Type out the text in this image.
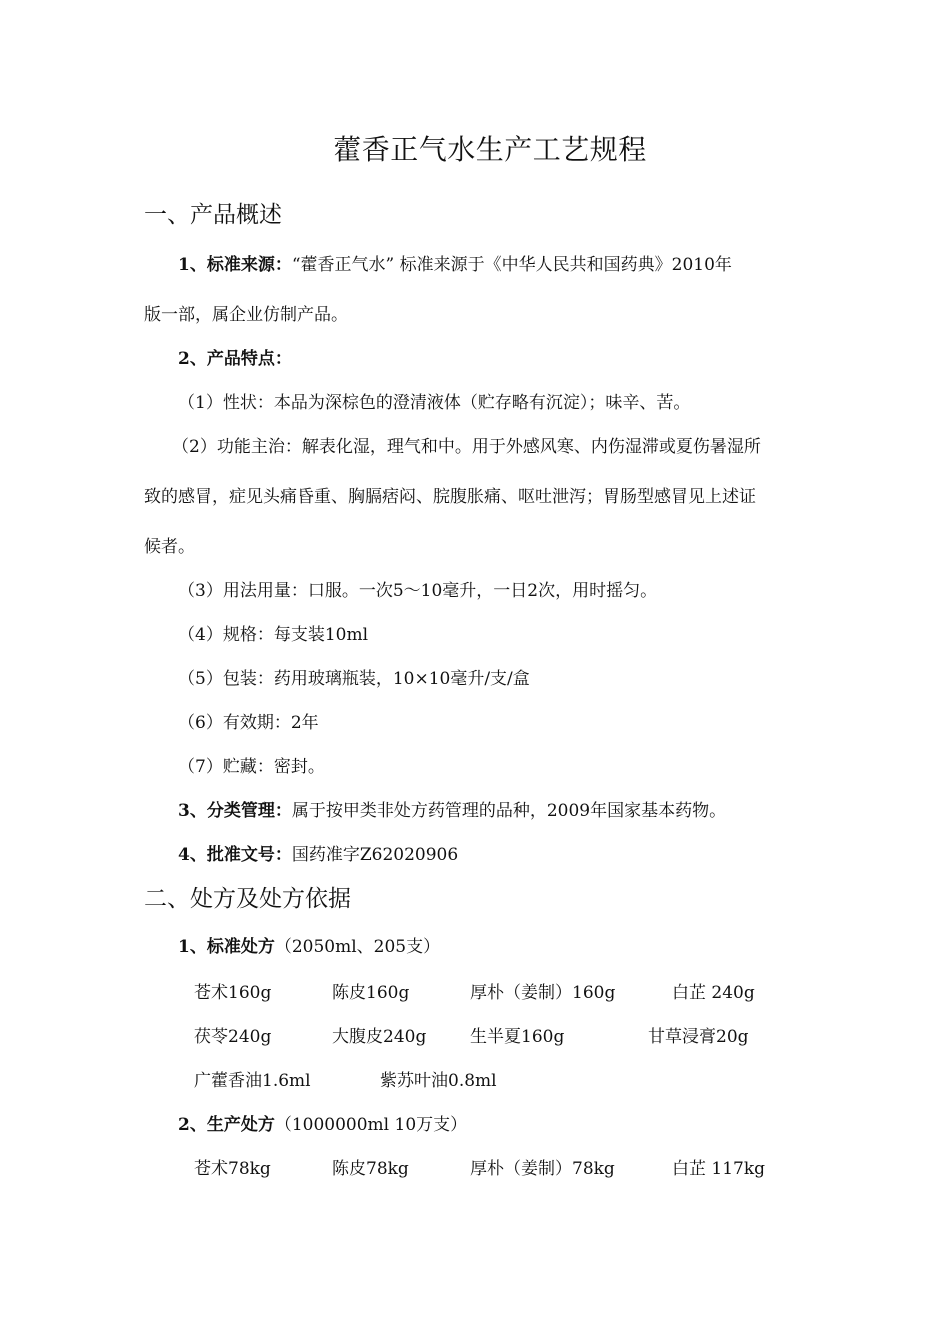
藿香正气水生产工艺规程
一、产品概述
1、标准来源：“藿香正气水” 标准来源于《中华人民共和国药典》2010年
版一部，属企业仿制产品。
2、产品特点：
（1）性状：本品为深棕色的澄清液体（贮存略有沉淀）；味辛、苦。
（2）功能主治：解表化湿，理气和中。用于外感风寒、内伤湿滞或夏伤暑湿所
致的感冒，症见头痛昏重、胸膈痞闷、脘腹胀痛、呕吐泄泻；胃肠型感冒见上述证
候者。
（3）用法用量：口服。一次5～10毫升，一日2次，用时摇匀。
（4）规格：每支装10ml
（5）包装：药用玻璃瓶装，10×10毫升/支/盒
（6）有效期：2年
（7）贮藏：密封。
3、分类管理：属于按甲类非处方药管理的品种，2009年国家基本药物。
4、批准文号：国药准字Z62020906
二、处方及处方依据
1、标准处方（2050ml、205支）
苍术160g	陈皮160g	厚朴（姜制）160g	白芷 240g
茯苓240g	大腹皮240g	生半夏160g	甘草浸膏20g
广藿香油1.6ml	紫苏叶油0.8ml
2、生产处方（1000000ml 10万支）
苍术78kg	陈皮78kg	厚朴（姜制）78kg	白芷 117kg
